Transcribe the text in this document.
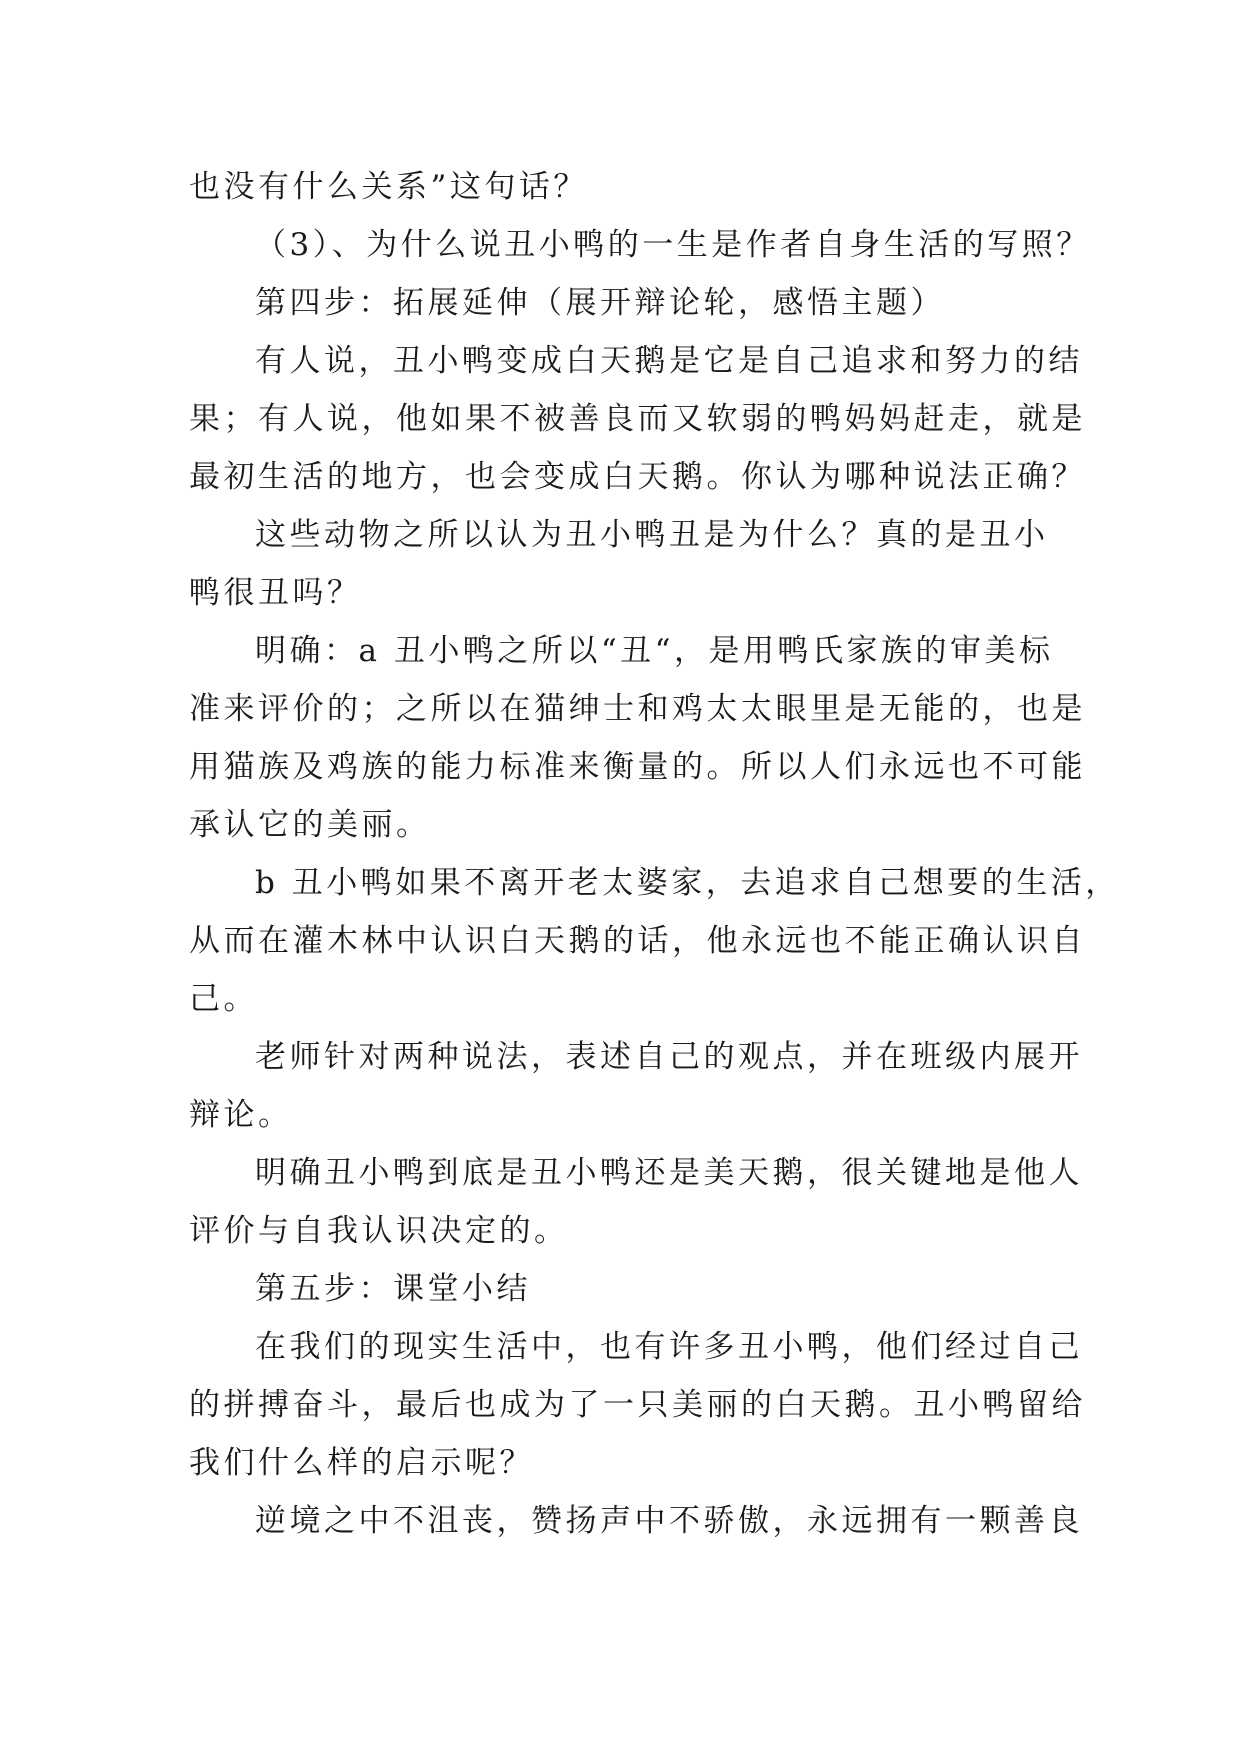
也没有什么关系”这句话？
（3）、为什么说丑小鸭的一生是作者自身生活的写照？
第四步：拓展延伸（展开辩论轮，感悟主题）
有人说，丑小鸭变成白天鹅是它是自己追求和努力的结
果；有人说，他如果不被善良而又软弱的鸭妈妈赶走，就是
最初生活的地方，也会变成白天鹅。你认为哪种说法正确？
这些动物之所以认为丑小鸭丑是为什么？真的是丑小
鸭很丑吗？
明确：a 丑小鸭之所以“丑“，是用鸭氏家族的审美标
准来评价的；之所以在猫绅士和鸡太太眼里是无能的，也是
用猫族及鸡族的能力标准来衡量的。所以人们永远也不可能
承认它的美丽。
b 丑小鸭如果不离开老太婆家，去追求自己想要的生活，
从而在灌木林中认识白天鹅的话，他永远也不能正确认识自
己。
老师针对两种说法，表述自己的观点，并在班级内展开
辩论。
明确丑小鸭到底是丑小鸭还是美天鹅，很关键地是他人
评价与自我认识决定的。
第五步：课堂小结
在我们的现实生活中，也有许多丑小鸭，他们经过自己
的拼搏奋斗，最后也成为了一只美丽的白天鹅。丑小鸭留给
我们什么样的启示呢？
逆境之中不沮丧，赞扬声中不骄傲，永远拥有一颗善良
